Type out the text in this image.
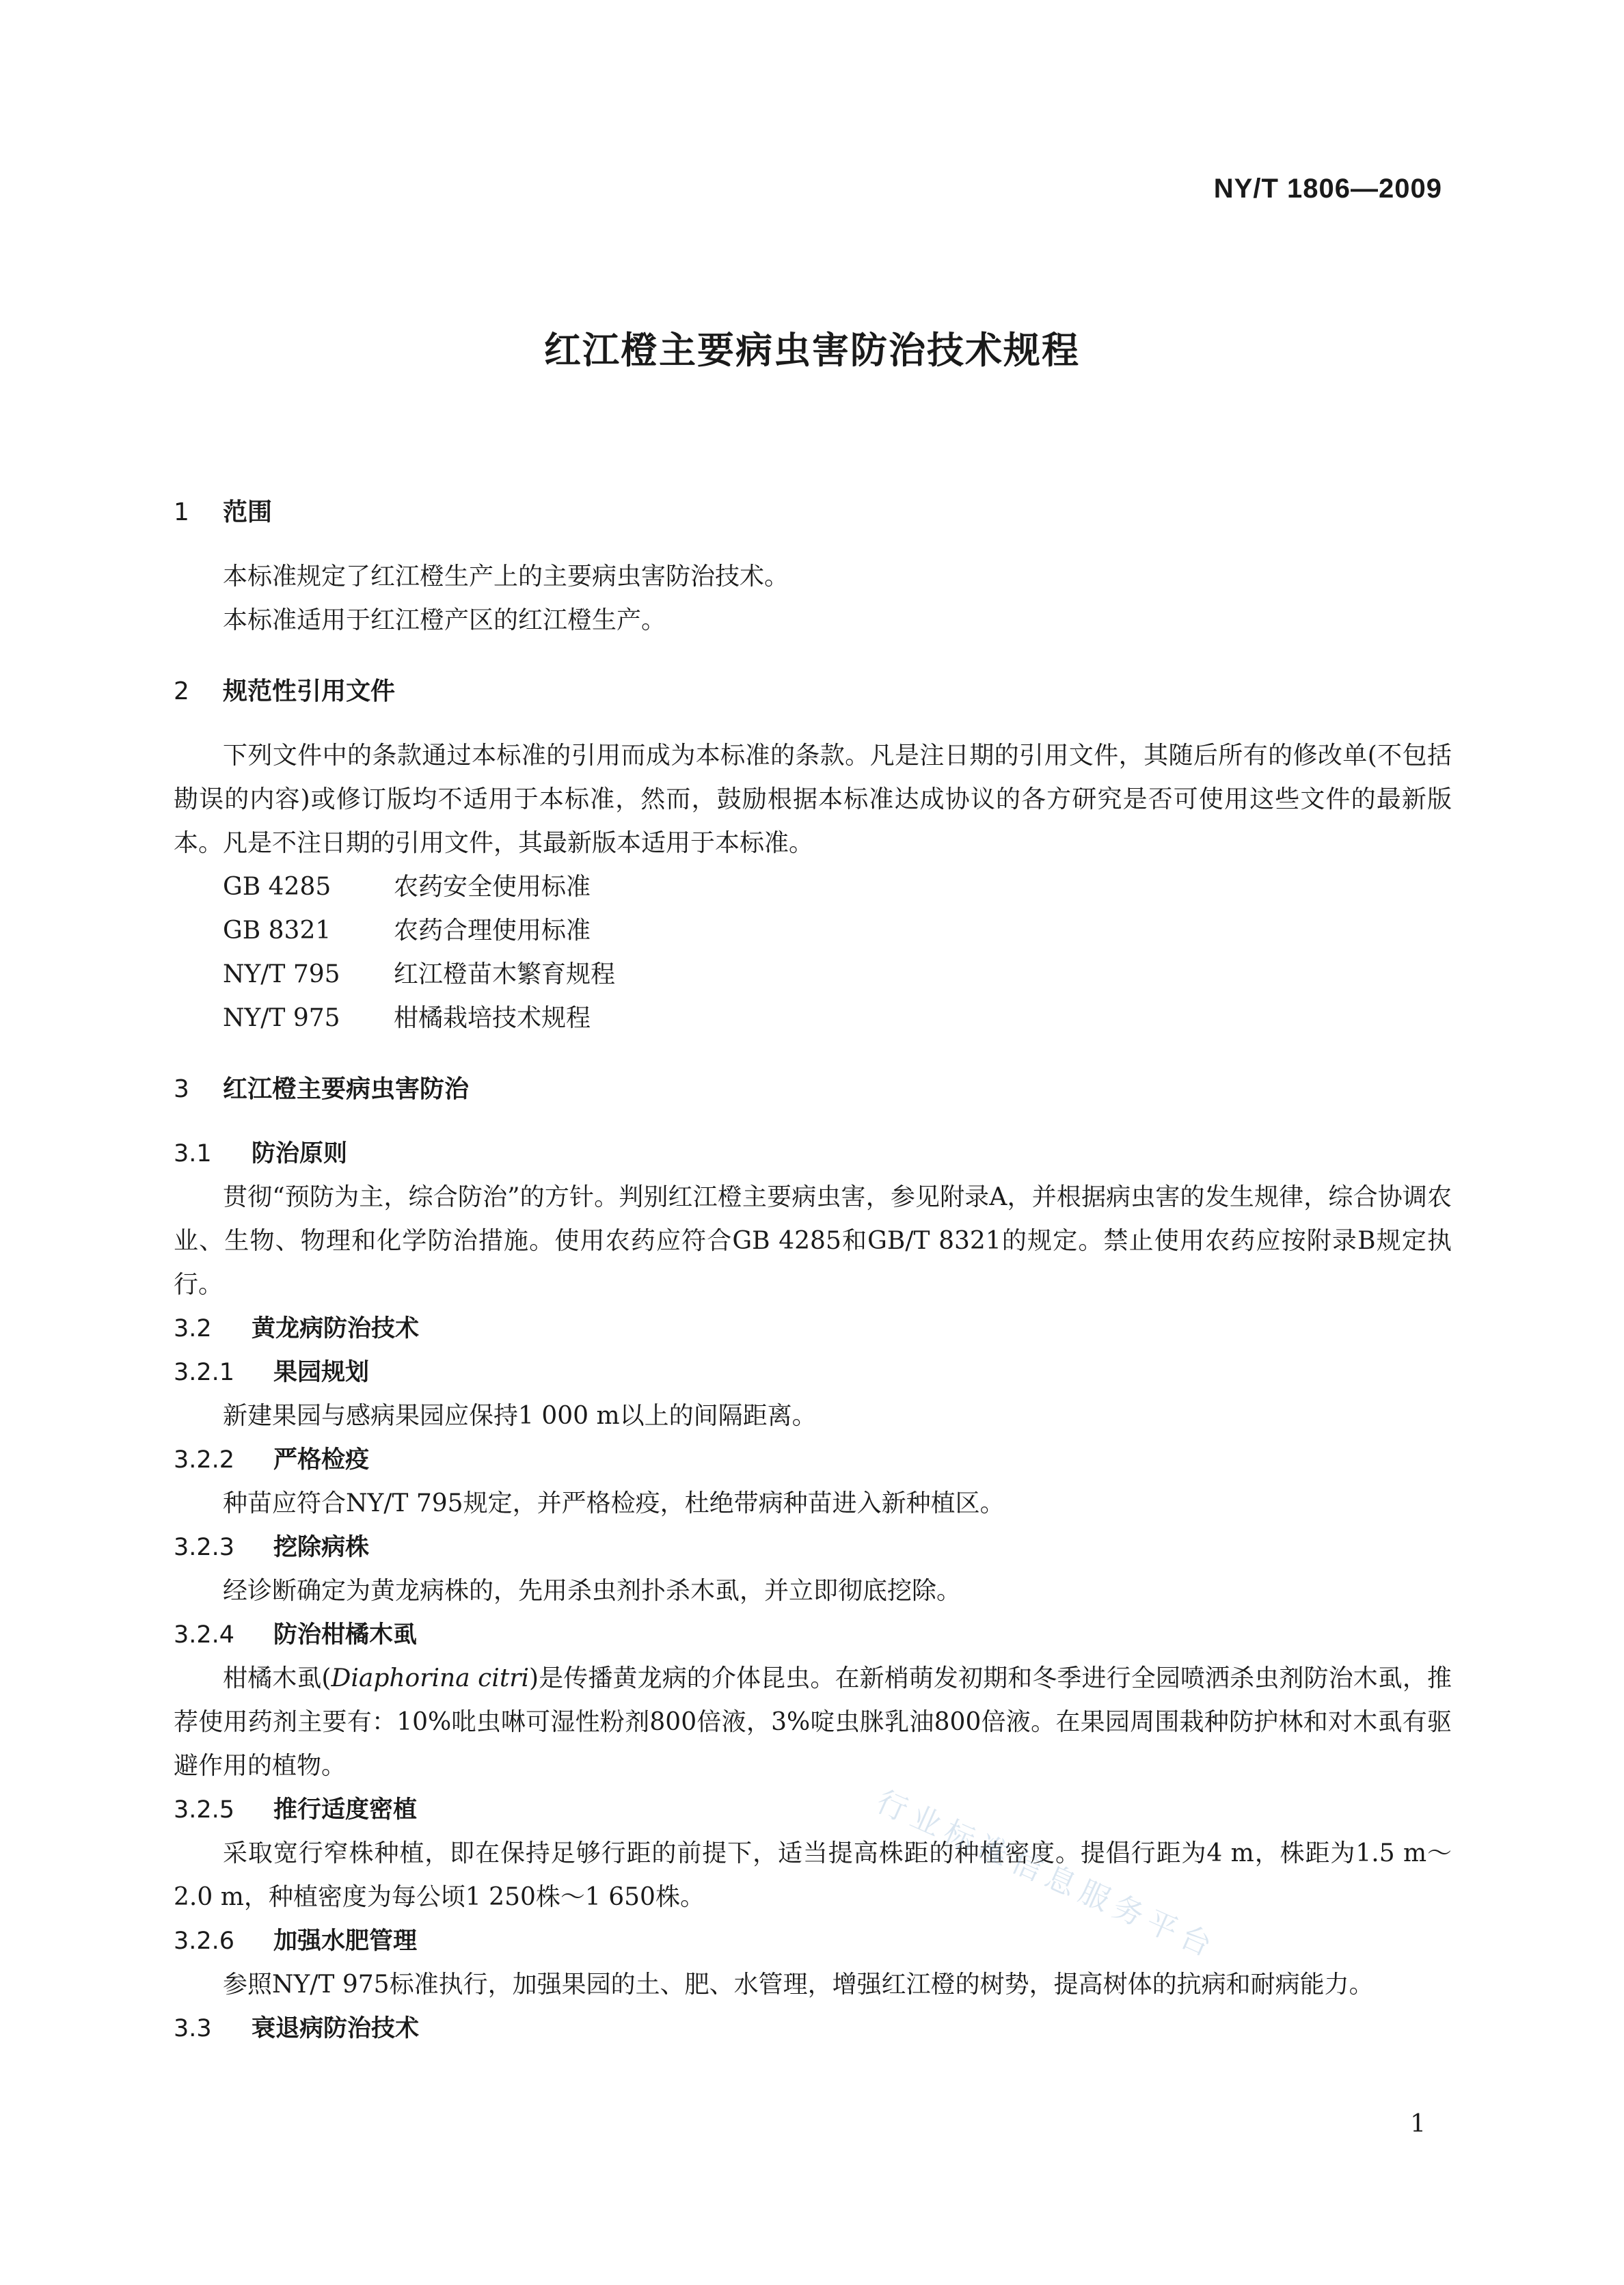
NY/T 1806—2009
红江橙主要病虫害防治技术规程
1 范围

本标准规定了红江橙生产上的主要病虫害防治技术。

本标准适用于红江橙产区的红江橙生产。

2 规范性引用文件

下列文件中的条款通过本标准的引用而成为本标准的条款。凡是注日期的引用文件，其随后所有的修改单(不包括勘误的内容)或修订版均不适用于本标准，然而，鼓励根据本标准达成协议的各方研究是否可使用这些文件的最新版本。凡是不注日期的引用文件，其最新版本适用于本标准。

GB 4285	农药安全使用标准
GB 8321	农药合理使用标准
NY/T 795 红江橙苗木繁育规程
NY/T 975 柑橘栽培技术规程
3 红江橙主要病虫害防治
3.1 防治原则

贯彻“预防为主，综合防治”的方针。判别红江橙主要病虫害，参见附录A，并根据病虫害的发生规律，综合协调农业、生物、物理和化学防治措施。使用农药应符合GB 4285和GB/T 8321的规定。禁止使用农药应按附录B规定执行。

3.2 黄龙病防治技术
3.2.1 果园规划

新建果园与感病果园应保持1 000 m以上的间隔距离。

3.2.2 严格检疫

种苗应符合NY/T 795规定，并严格检疫，杜绝带病种苗进入新种植区。

3.2.3 挖除病株

经诊断确定为黄龙病株的，先用杀虫剂扑杀木虱，并立即彻底挖除。

3.2.4 防治柑橘木虱

柑橘木虱(Diaphorina citri)是传播黄龙病的介体昆虫。在新梢萌发初期和冬季进行全园喷洒杀虫剂防治木虱，推荐使用药剂主要有：10%吡虫啉可湿性粉剂800倍液，3%啶虫脒乳油800倍液。在果园周围栽种防护林和对木虱有驱避作用的植物。

3.2.5 推行适度密植

采取宽行窄株种植，即在保持足够行距的前提下，适当提高株距的种植密度。提倡行距为4 m，株距为1.5 m～2.0 m，种植密度为每公顷1 250株～1 650株。

3.2.6 加强水肥管理

参照NY/T 975标准执行，加强果园的土、肥、水管理，增强红江橙的树势，提高树体的抗病和耐病能力。

3.3 衰退病防治技术
行业标准信息服务平台
1
